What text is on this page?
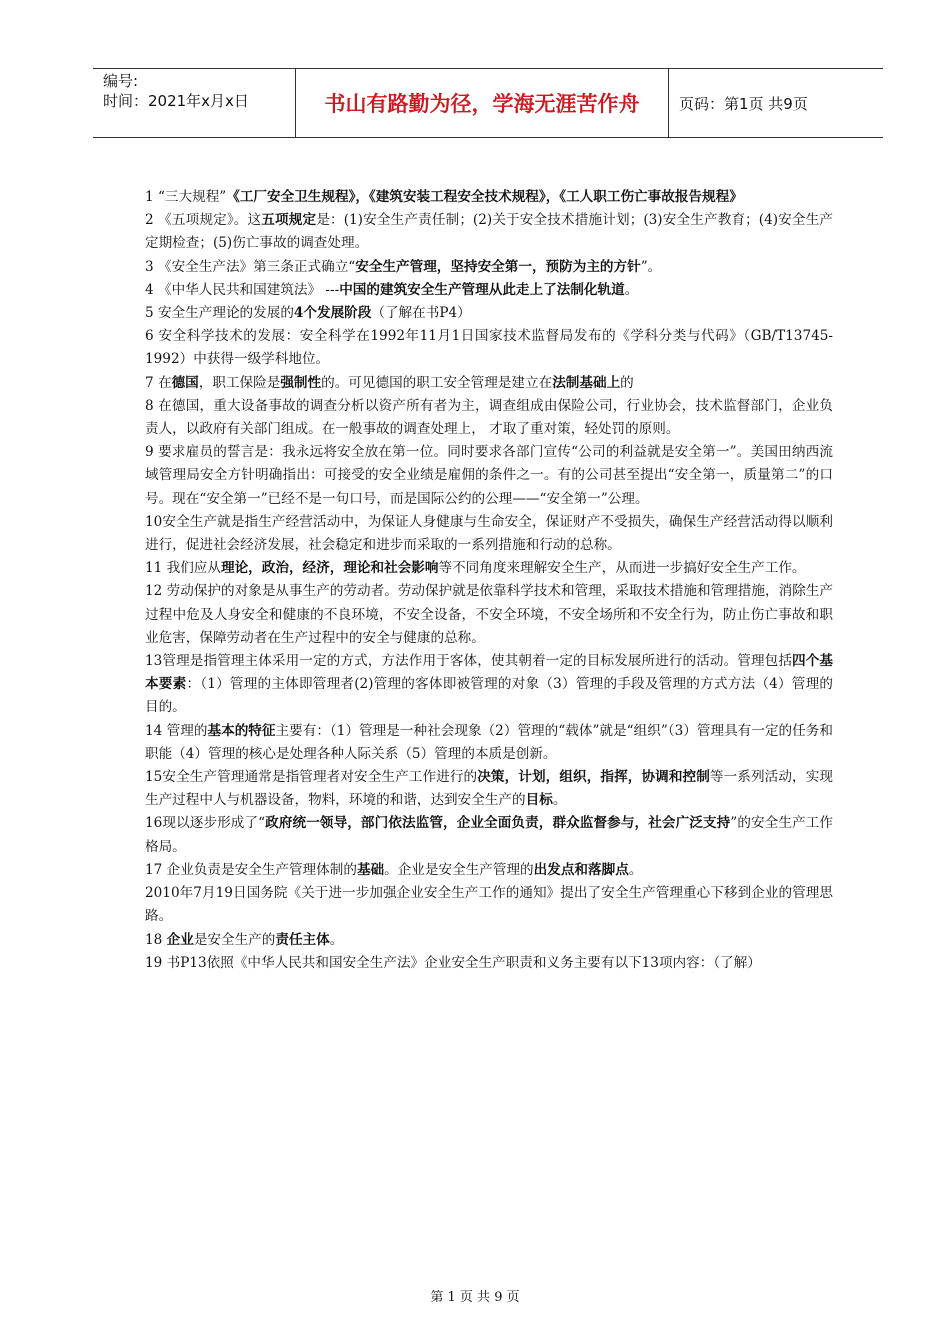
编号:
时间：2021年x月x日	书山有路勤为径，学海无涯苦作舟	页码：第1页 共9页

1 “三大规程”《工厂安全卫生规程》，《建筑安装工程安全技术规程》，《工人职工伤亡事故报告规程》

2 《五项规定》。这五项规定是：(1)安全生产责任制；(2)关于安全技术措施计划；(3)安全生产教育；(4)安全生产定期检查；(5)伤亡事故的调查处理。

3 《安全生产法》第三条正式确立“安全生产管理，坚持安全第一，预防为主的方针”。

4 《中华人民共和国建筑法》 ---中国的建筑安全生产管理从此走上了法制化轨道。

5 安全生产理论的发展的4个发展阶段（了解在书P4）

6 安全科学技术的发展：安全科学在1992年11月1日国家技术监督局发布的《学科分类与代码》（GB/T13745-1992）中获得一级学科地位。

7 在德国，职工保险是强制性的。可见德国的职工安全管理是建立在法制基础上的

8 在德国，重大设备事故的调查分析以资产所有者为主，调查组成由保险公司，行业协会，技术监督部门，企业负责人，以政府有关部门组成。在一般事故的调查处理上， 才取了重对策，轻处罚的原则。

9 要求雇员的誓言是：我永远将安全放在第一位。同时要求各部门宣传“公司的利益就是安全第一”。美国田纳西流域管理局安全方针明确指出：可接受的安全业绩是雇佣的条件之一。有的公司甚至提出“安全第一，质量第二”的口号。现在“安全第一”已经不是一句口号，而是国际公约的公理——“安全第一”公理。

10安全生产就是指生产经营活动中，为保证人身健康与生命安全，保证财产不受损失，确保生产经营活动得以顺利进行，促进社会经济发展，社会稳定和进步而采取的一系列措施和行动的总称。

11 我们应从理论，政治，经济，理论和社会影响等不同角度来理解安全生产，从而进一步搞好安全生产工作。

12 劳动保护的对象是从事生产的劳动者。劳动保护就是依靠科学技术和管理，采取技术措施和管理措施，消除生产过程中危及人身安全和健康的不良环境，不安全设备，不安全环境，不安全场所和不安全行为，防止伤亡事故和职业危害，保障劳动者在生产过程中的安全与健康的总称。

13管理是指管理主体采用一定的方式，方法作用于客体，使其朝着一定的目标发展所进行的活动。管理包括四个基本要素：（1）管理的主体即管理者(2)管理的客体即被管理的对象（3）管理的手段及管理的方式方法（4）管理的目的。

14 管理的基本的特征主要有：（1）管理是一种社会现象（2）管理的“载体”就是“组织”（3）管理具有一定的任务和职能（4）管理的核心是处理各种人际关系（5）管理的本质是创新。

15安全生产管理通常是指管理者对安全生产工作进行的决策，计划，组织，指挥，协调和控制等一系列活动，实现生产过程中人与机器设备，物料，环境的和谐，达到安全生产的目标。

16现以逐步形成了“政府统一领导，部门依法监管，企业全面负责，群众监督参与，社会广泛支持”的安全生产工作格局。

17 企业负责是安全生产管理体制的基础。企业是安全生产管理的出发点和落脚点。

2010年7月19日国务院《关于进一步加强企业安全生产工作的通知》提出了安全生产管理重心下移到企业的管理思路。

18 企业是安全生产的责任主体。

19 书P13依照《中华人民共和国安全生产法》企业安全生产职责和义务主要有以下13项内容：（了解）

第 1 页 共 9 页
